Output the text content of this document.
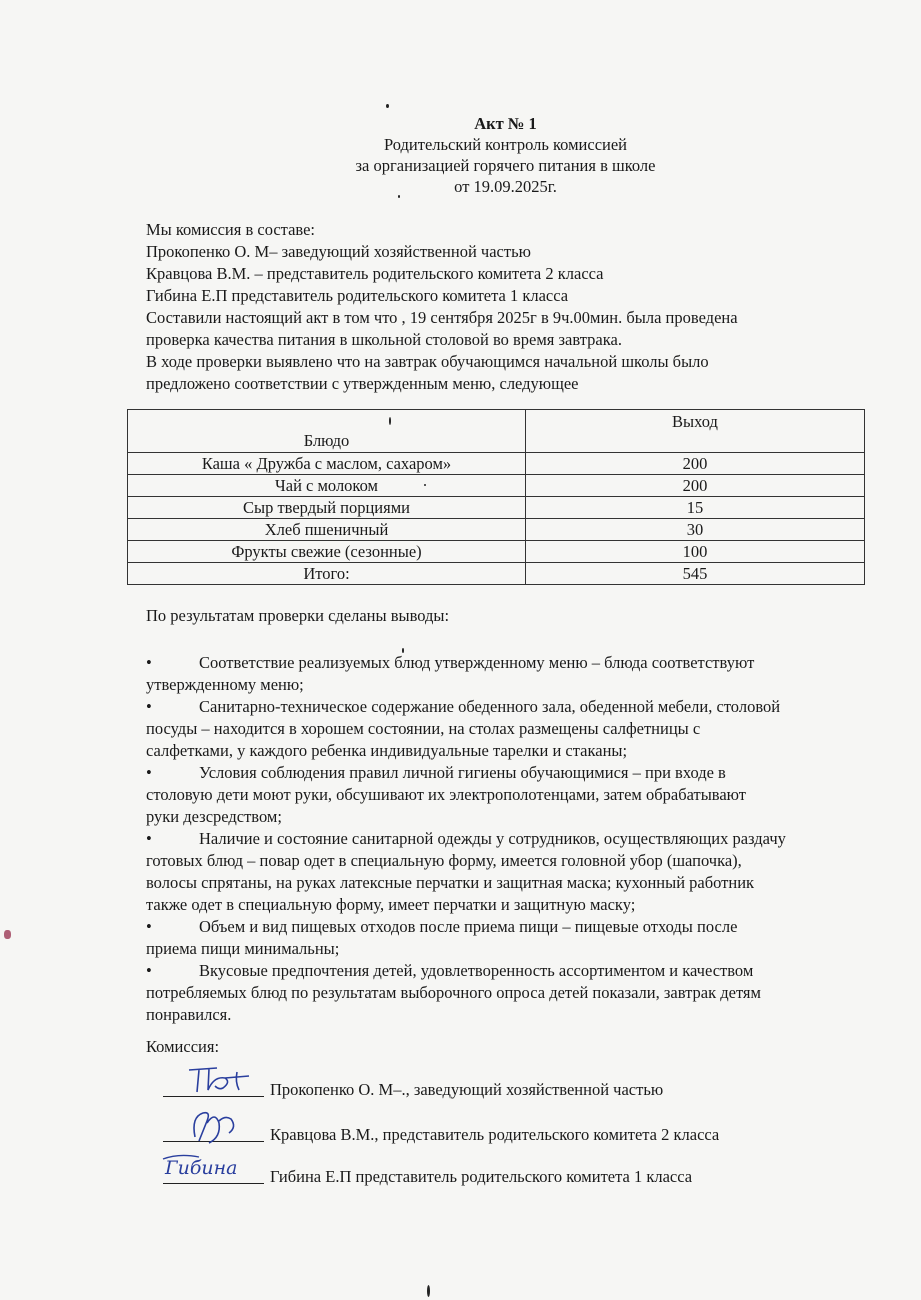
Акт № 1
Родительский контроль комиссией
за организацией горячего питания в школе
от 19.09.2025г.
Мы комиссия в составе:
Прокопенко О. М– заведующий хозяйственной частью
Кравцова В.М. – представитель родительского комитета 2 класса
Гибина Е.П представитель родительского комитета 1 класса
Составили настоящий акт в том что , 19 сентября 2025г в 9ч.00мин. была проведена
проверка качества питания в школьной столовой во время завтрака.
В ходе проверки выявлено что на завтрак обучающимся начальной школы было
предложено соответствии с утвержденным меню, следующее
Блюдо	Выход
Каша « Дружба с маслом, сахаром»	200
Чай с молоком	200
Сыр твердый порциями	15
Хлеб пшеничный	30
Фрукты свежие (сезонные)	100
Итого:	545
По результатам проверки сделаны выводы:
•	Соответствие реализуемых блюд утвержденному меню – блюда соответствуют
утвержденному меню;
•	Санитарно-техническое содержание обеденного зала, обеденной мебели, столовой
посуды – находится в хорошем состоянии, на столах размещены салфетницы с
салфетками, у каждого ребенка индивидуальные тарелки и стаканы;
•	Условия соблюдения правил личной гигиены обучающимися – при входе в
столовую дети моют руки, обсушивают их электрополотенцами, затем обрабатывают
руки дезсредством;
•	Наличие и состояние санитарной одежды у сотрудников, осуществляющих раздачу
готовых блюд – повар одет в специальную форму, имеется головной убор (шапочка),
волосы спрятаны, на руках латексные перчатки и защитная маска; кухонный работник
также одет в специальную форму, имеет перчатки и защитную маску;
•	Объем и вид пищевых отходов после приема пищи – пищевые отходы после
приема пищи минимальны;
•	Вкусовые предпочтения детей, удовлетворенность ассортиментом и качеством
потребляемых блюд по результатам выборочного опроса детей показали, завтрак детям
понравился.
Комиссия:
Прокопенко О. М–., заведующий хозяйственной частью
Кравцова В.М., представитель родительского комитета 2 класса
Гибина Гибина Е.П представитель родительского комитета 1 класса
